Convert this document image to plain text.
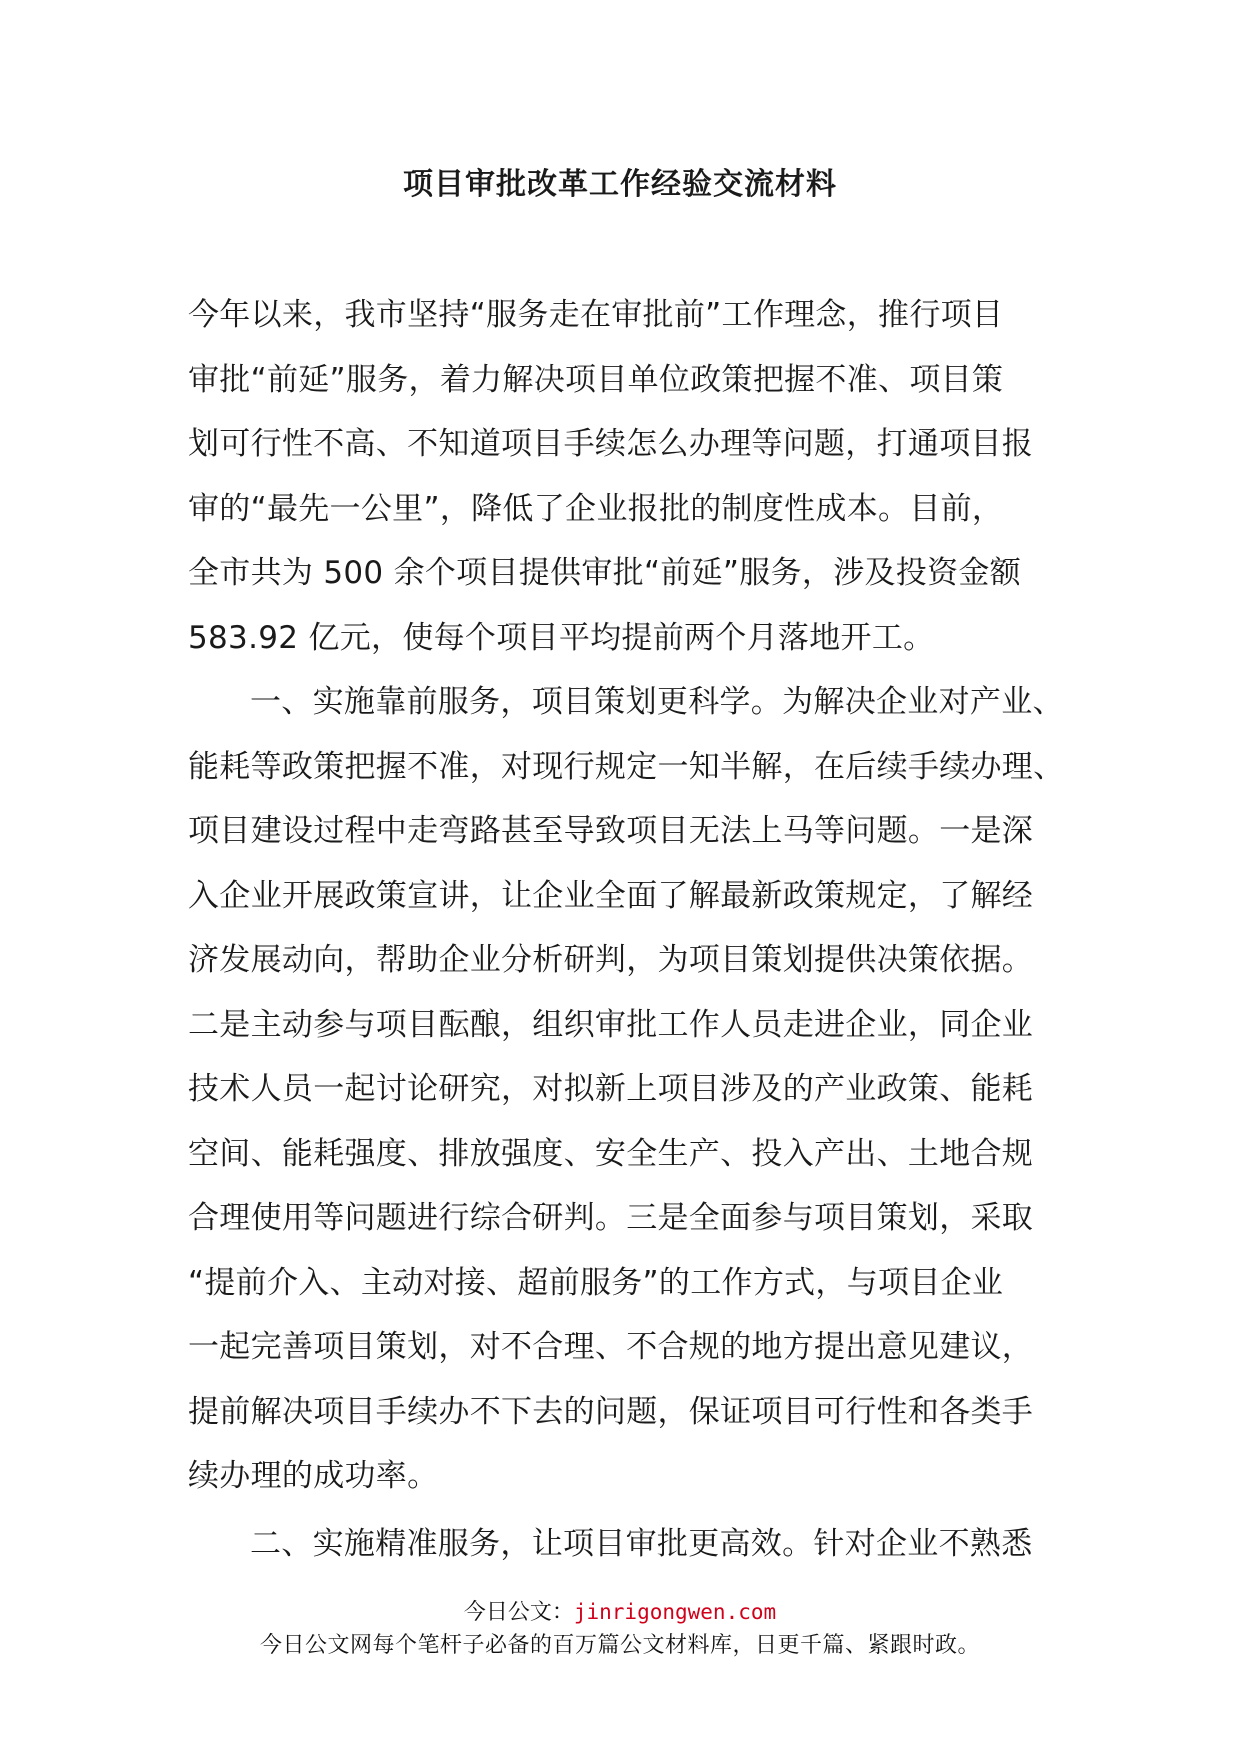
项目审批改革工作经验交流材料
今年以来，我市坚持“服务走在审批前”工作理念，推行项目
审批“前延”服务，着力解决项目单位政策把握不准、项目策
划可行性不高、不知道项目手续怎么办理等问题，打通项目报
审的“最先一公里”，降低了企业报批的制度性成本。目前，
全市共为 500 余个项目提供审批“前延”服务，涉及投资金额
583.92 亿元，使每个项目平均提前两个月落地开工。
一、实施靠前服务，项目策划更科学。为解决企业对产业、
能耗等政策把握不准，对现行规定一知半解，在后续手续办理、
项目建设过程中走弯路甚至导致项目无法上马等问题。一是深
入企业开展政策宣讲，让企业全面了解最新政策规定，了解经
济发展动向，帮助企业分析研判，为项目策划提供决策依据。
二是主动参与项目酝酿，组织审批工作人员走进企业，同企业
技术人员一起讨论研究，对拟新上项目涉及的产业政策、能耗
空间、能耗强度、排放强度、安全生产、投入产出、土地合规
合理使用等问题进行综合研判。三是全面参与项目策划，采取
“提前介入、主动对接、超前服务”的工作方式，与项目企业
一起完善项目策划，对不合理、不合规的地方提出意见建议，
提前解决项目手续办不下去的问题，保证项目可行性和各类手
续办理的成功率。
二、实施精准服务，让项目审批更高效。针对企业不熟悉
今日公文：jinrigongwen.com
今日公文网每个笔杆子必备的百万篇公文材料库，日更千篇、紧跟时政。
